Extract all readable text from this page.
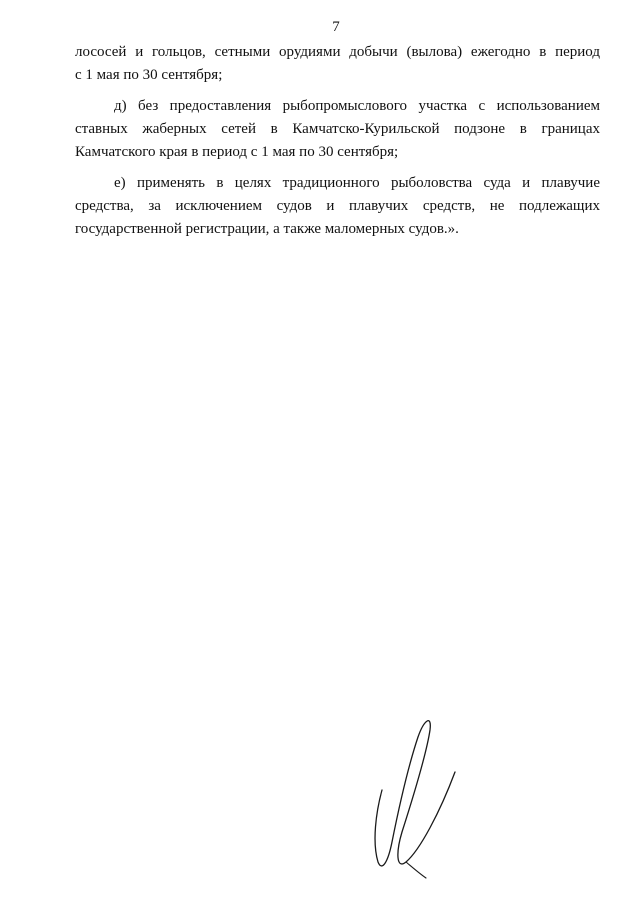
7

лососей и гольцов, сетными орудиями добычи (вылова) ежегодно в период
с 1 мая по 30 сентября;

д) без предоставления рыбопромыслового участка с использованием
ставных жаберных сетей в Камчатско-Курильской подзоне в границах
Камчатского края в период с 1 мая по 30 сентября;

е) применять в целях традиционного рыболовства суда и плавучие
средства, за исключением судов и плавучих средств, не подлежащих
государственной регистрации, а также маломерных судов.».
